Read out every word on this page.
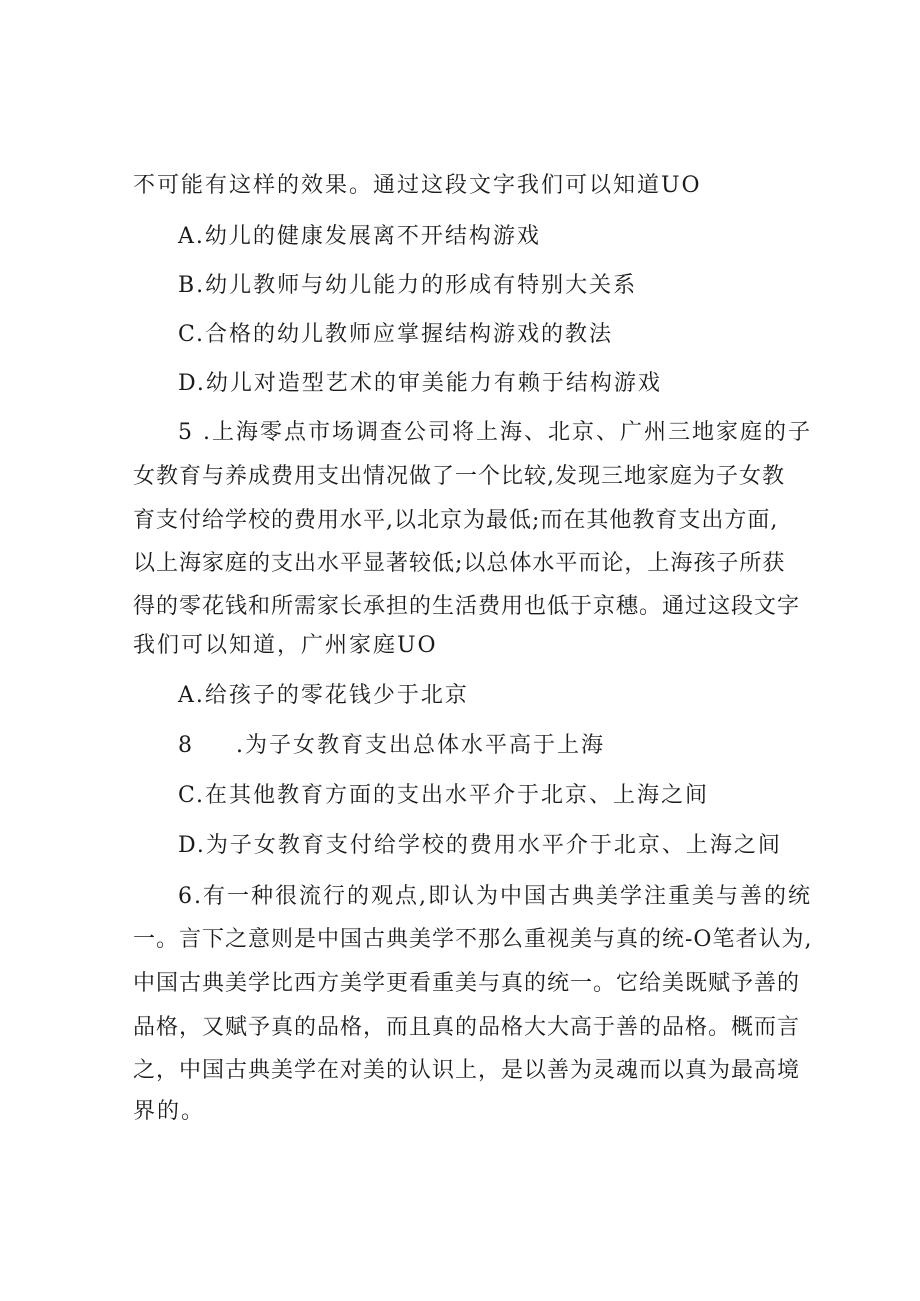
不可能有这样的效果。通过这段文字我们可以知道UO
A.幼儿的健康发展离不开结构游戏
B.幼儿教师与幼儿能力的形成有特别大关系
C.合格的幼儿教师应掌握结构游戏的教法
D.幼儿对造型艺术的审美能力有赖于结构游戏
5 .上海零点市场调查公司将上海、北京、广州三地家庭的子
女教育与养成费用支出情况做了一个比较,发现三地家庭为子女教
育支付给学校的费用水平,以北京为最低;而在其他教育支出方面,
以上海家庭的支出水平显著较低;以总体水平而论，上海孩子所获
得的零花钱和所需家长承担的生活费用也低于京穗。通过这段文字
我们可以知道，广州家庭UO
A.给孩子的零花钱少于北京
8 .为子女教育支出总体水平高于上海
C.在其他教育方面的支出水平介于北京、上海之间
D.为子女教育支付给学校的费用水平介于北京、上海之间
6.有一种很流行的观点,即认为中国古典美学注重美与善的统
一。言下之意则是中国古典美学不那么重视美与真的统-O笔者认为,
中国古典美学比西方美学更看重美与真的统一。它给美既赋予善的
品格，又赋予真的品格，而且真的品格大大高于善的品格。概而言
之，中国古典美学在对美的认识上，是以善为灵魂而以真为最高境
界的。
